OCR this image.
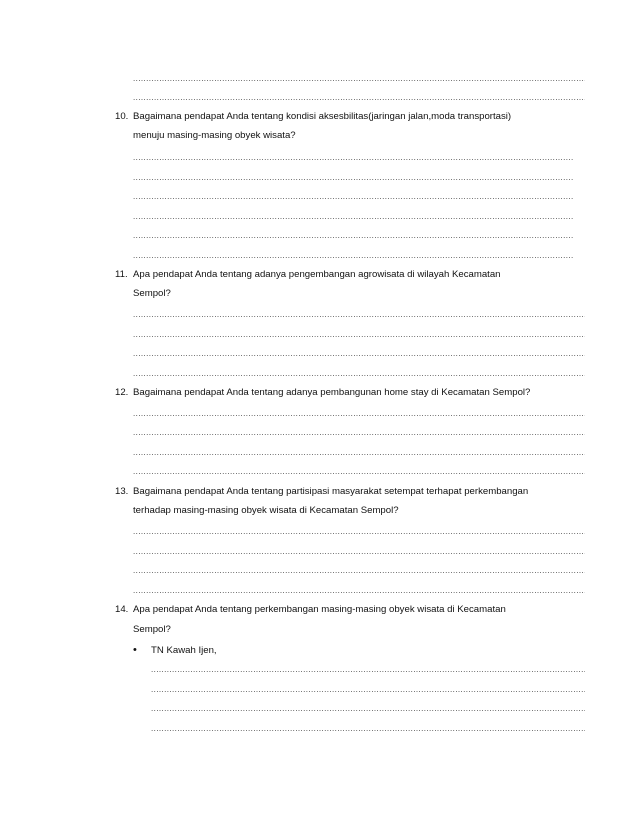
.....
.....
10. Bagaimana pendapat Anda tentang kondisi aksesbilitas(jaringan jalan,moda transportasi)
menuju masing-masing obyek wisata?
.....
.....
.....
.....
.....
.....
11. Apa pendapat Anda tentang adanya pengembangan agrowisata di wilayah Kecamatan
Sempol?
.....
.....
.....
.....
12. Bagaimana pendapat Anda tentang adanya pembangunan home stay di Kecamatan Sempol?
.....
.....
.....
.....
13. Bagaimana pendapat Anda tentang partisipasi masyarakat setempat terhapat perkembangan
terhadap masing-masing obyek wisata di Kecamatan Sempol?
.....
.....
.....
.....
14. Apa pendapat Anda tentang perkembangan masing-masing obyek wisata di Kecamatan
Sempol?
• TN Kawah Ijen,
.....
.....
.....
.....
